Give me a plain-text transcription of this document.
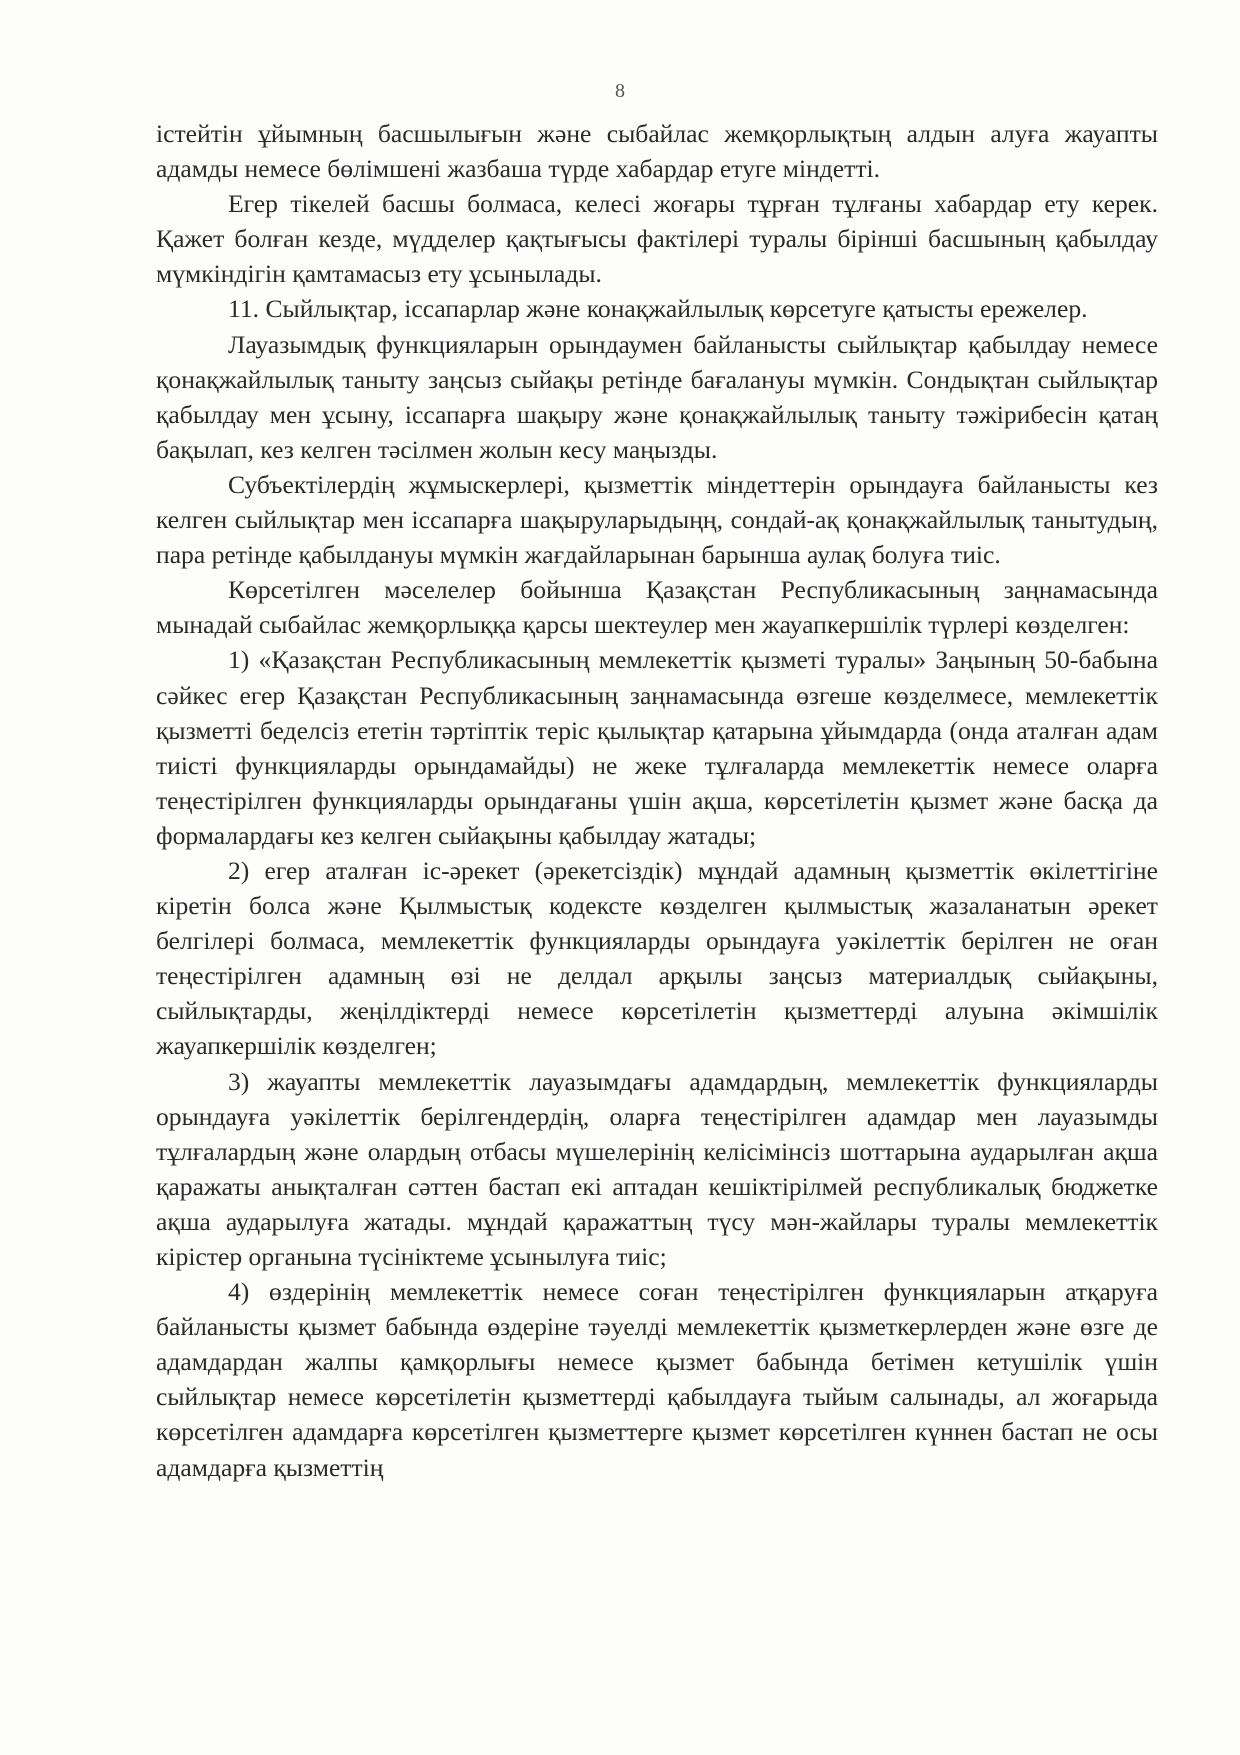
8

істейтін ұйымның басшылығын және сыбайлас жемқорлықтың алдын алуға жауапты адамды немесе бөлімшені жазбаша түрде хабардар етуге міндетті.

Егер тікелей басшы болмаса, келесі жоғары тұрған тұлғаны хабардар ету керек. Қажет болған кезде, мүдделер қақтығысы фактілері туралы бірінші басшының қабылдау мүмкіндігін қамтамасыз ету ұсынылады.

11. Сыйлықтар, іссапарлар және конақжайлылық көрсетуге қатысты ережелер.

Лауазымдық функцияларын орындаумен байланысты сыйлықтар қабылдау немесе қонақжайлылық таныту заңсыз сыйақы ретінде бағалануы мүмкін. Сондықтан сыйлықтар қабылдау мен ұсыну, іссапарға шақыру және қонақжайлылық таныту тәжірибесін қатаң бақылап, кез келген тәсілмен жолын кесу маңызды.

Субъектілердің жұмыскерлері, қызметтік міндеттерін орындауға байланысты кез келген сыйлықтар мен іссапарға шақыруларыдыңң, сондай-ақ қонақжайлылық танытудың, пара ретінде қабылдануы мүмкін жағдайларынан барынша аулақ болуға тиіс.

Көрсетілген мәселелер бойынша Қазақстан Республикасының заңнамасында мынадай сыбайлас жемқорлыққа қарсы шектеулер мен жауапкершілік түрлері көзделген:

1) «Қазақстан Республикасының мемлекеттік қызметі туралы» Заңының 50-бабына сәйкес егер Қазақстан Республикасының заңнамасында өзгеше көзделмесе, мемлекеттік қызметті беделсіз ететін тәртіптік теріс қылықтар қатарына ұйымдарда (онда аталған адам тиісті функцияларды орындамайды) не жеке тұлғаларда мемлекеттік немесе оларға теңестірілген функцияларды орындағаны үшін ақша, көрсетілетін қызмет және басқа да формалардағы кез келген сыйақыны қабылдау жатады;

2) егер аталған іс-әрекет (әрекетсіздік) мұндай адамның қызметтік өкілеттігіне кіретін болса және Қылмыстық кодексте көзделген қылмыстық жазаланатын әрекет белгілері болмаса, мемлекеттік функцияларды орындауға уәкілеттік берілген не оған теңестірілген адамның өзі не делдал арқылы заңсыз материалдық сыйақыны, сыйлықтарды, жеңілдіктерді немесе көрсетілетін қызметтерді алуына әкімшілік жауапкершілік көзделген;

3) жауапты мемлекеттік лауазымдағы адамдардың, мемлекеттік функцияларды орындауға уәкілеттік берілгендердің, оларға теңестірілген адамдар мен лауазымды тұлғалардың және олардың отбасы мүшелерінің келісімінсіз шоттарына аударылған ақша қаражаты анықталған сәттен бастап екі аптадан кешіктірілмей республикалық бюджетке ақша аударылуға жатады. мұндай қаражаттың түсу мән-жайлары туралы мемлекеттік кірістер органына түсініктеме ұсынылуға тиіс;

4) өздерінің мемлекеттік немесе соған теңестірілген функцияларын атқаруға байланысты қызмет бабында өздеріне тәуелді мемлекеттік қызметкерлерден және өзге де адамдардан жалпы қамқорлығы немесе қызмет бабында бетімен кетушілік үшін сыйлықтар немесе көрсетілетін қызметтерді қабылдауға тыйым салынады, ал жоғарыда көрсетілген адамдарға көрсетілген қызметтерге қызмет көрсетілген күннен бастап не осы адамдарға қызметтің
